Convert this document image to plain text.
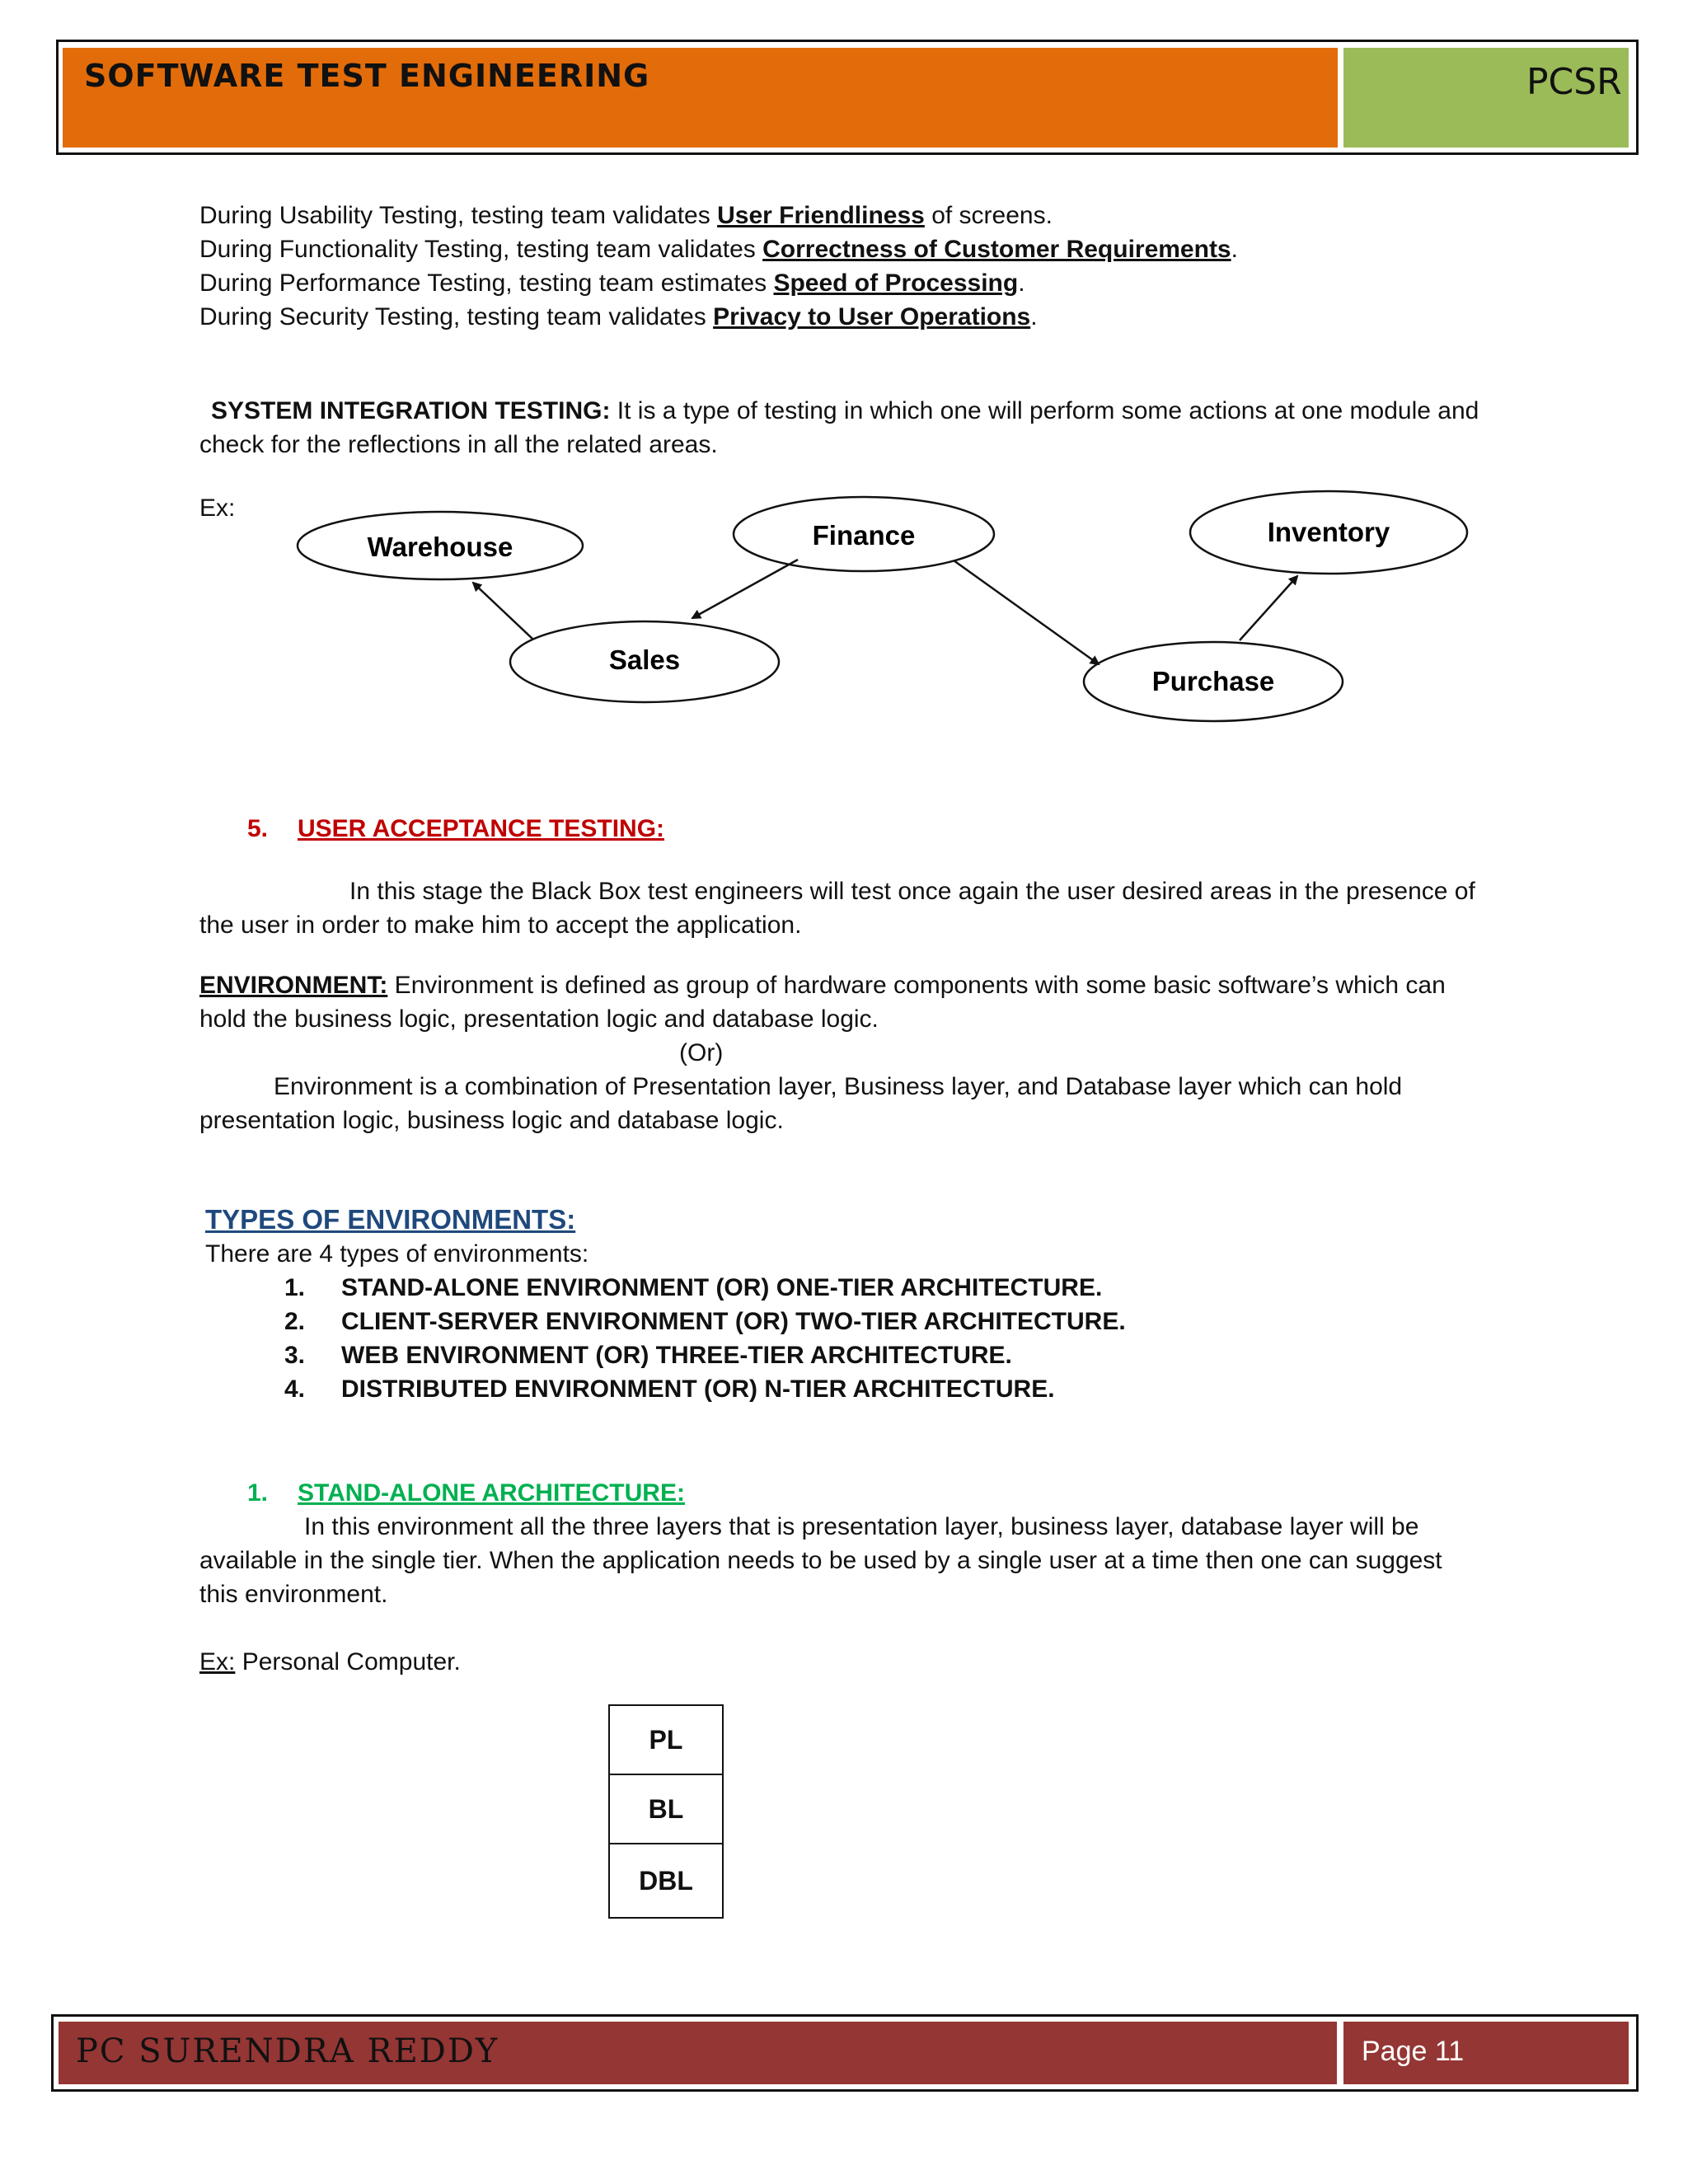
SOFTWARE TEST ENGINEERING	PCSR
During Usability Testing, testing team validates User Friendliness of screens.
During Functionality Testing, testing team validates Correctness of Customer Requirements.
During Performance Testing, testing team estimates Speed of Processing.
During Security Testing, testing team validates Privacy to User Operations.
SYSTEM INTEGRATION TESTING: It is a type of testing in which one will perform some actions at one module and
check for the reflections in all the related areas.
Ex:
Warehouse	Finance	Inventory
Sales
Purchase
5. USER ACCEPTANCE TESTING:
In this stage the Black Box test engineers will test once again the user desired areas in the presence of
the user in order to make him to accept the application.
ENVIRONMENT: Environment is defined as group of hardware components with some basic software’s which can
hold the business logic, presentation logic and database logic.
(Or)
Environment is a combination of Presentation layer, Business layer, and Database layer which can hold
presentation logic, business logic and database logic.
TYPES OF ENVIRONMENTS:
There are 4 types of environments:
1. STAND-ALONE ENVIRONMENT (OR) ONE-TIER ARCHITECTURE.
2. CLIENT-SERVER ENVIRONMENT (OR) TWO-TIER ARCHITECTURE.
3. WEB ENVIRONMENT (OR) THREE-TIER ARCHITECTURE.
4. DISTRIBUTED ENVIRONMENT (OR) N-TIER ARCHITECTURE.
1. STAND-ALONE ARCHITECTURE:
In this environment all the three layers that is presentation layer, business layer, database layer will be
available in the single tier. When the application needs to be used by a single user at a time then one can suggest
this environment.
Ex: Personal Computer.
PL
BL
DBL
PC SURENDRA REDDY	Page 11
